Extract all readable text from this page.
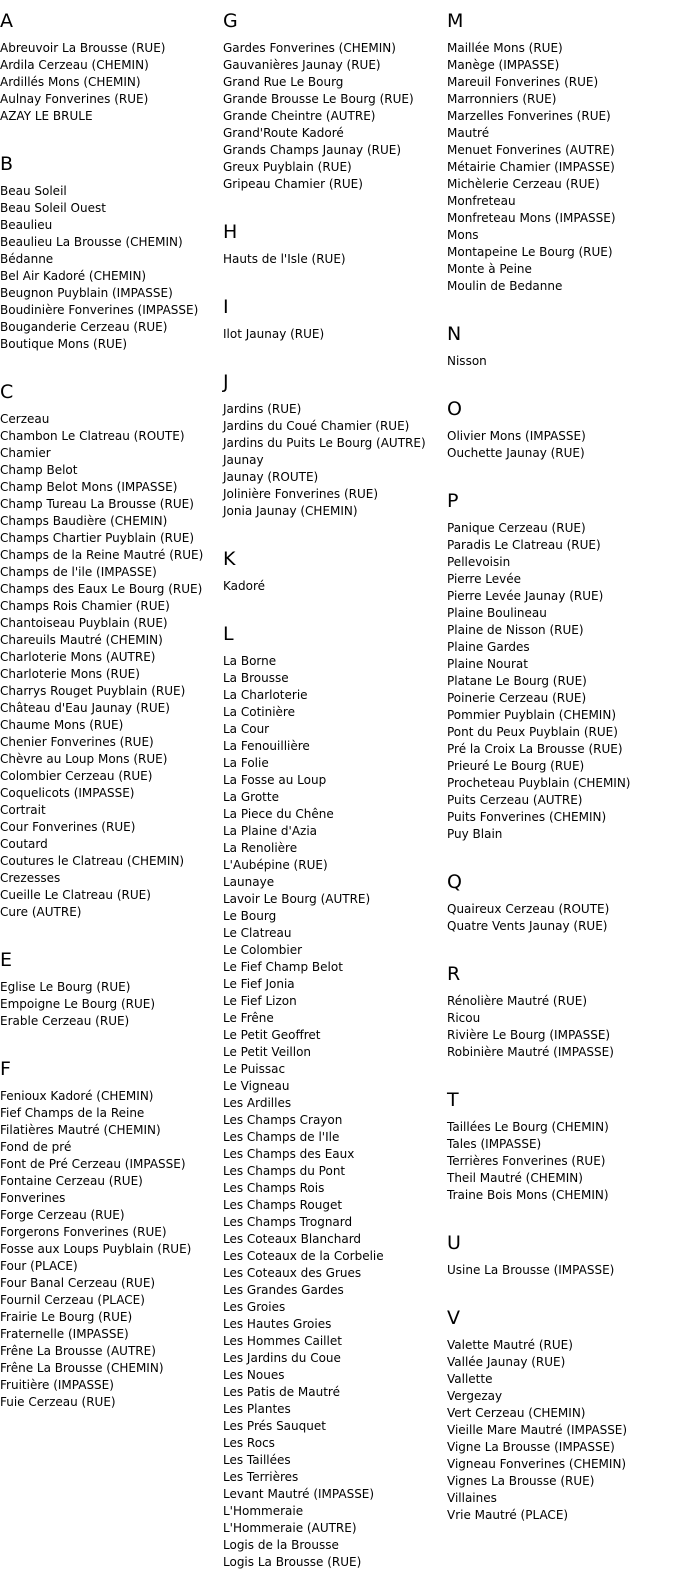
A
Abreuvoir La Brousse (RUE)
Ardila Cerzeau (CHEMIN)
Ardillés Mons (CHEMIN)
Aulnay Fonverines (RUE)
AZAY LE BRULE
B
Beau Soleil
Beau Soleil Ouest
Beaulieu
Beaulieu La Brousse (CHEMIN)
Bédanne
Bel Air Kadoré (CHEMIN)
Beugnon Puyblain (IMPASSE)
Boudinière Fonverines (IMPASSE)
Bouganderie Cerzeau (RUE)
Boutique Mons (RUE)
C
Cerzeau
Chambon Le Clatreau (ROUTE)
Chamier
Champ Belot
Champ Belot Mons (IMPASSE)
Champ Tureau La Brousse (RUE)
Champs Baudière (CHEMIN)
Champs Chartier Puyblain (RUE)
Champs de la Reine Mautré (RUE)
Champs de l'ile (IMPASSE)
Champs des Eaux Le Bourg (RUE)
Champs Rois Chamier (RUE)
Chantoiseau Puyblain (RUE)
Chareuils Mautré (CHEMIN)
Charloterie Mons (AUTRE)
Charloterie Mons (RUE)
Charrys Rouget Puyblain (RUE)
Château d'Eau Jaunay (RUE)
Chaume Mons (RUE)
Chenier Fonverines (RUE)
Chèvre au Loup Mons (RUE)
Colombier Cerzeau (RUE)
Coquelicots (IMPASSE)
Cortrait
Cour Fonverines (RUE)
Coutard
Coutures le Clatreau (CHEMIN)
Crezesses
Cueille Le Clatreau (RUE)
Cure (AUTRE)
E
Eglise Le Bourg (RUE)
Empoigne Le Bourg (RUE)
Erable Cerzeau (RUE)
F
Fenioux Kadoré (CHEMIN)
Fief Champs de la Reine
Filatières Mautré (CHEMIN)
Fond de pré
Font de Pré Cerzeau (IMPASSE)
Fontaine Cerzeau (RUE)
Fonverines
Forge Cerzeau (RUE)
Forgerons Fonverines (RUE)
Fosse aux Loups Puyblain (RUE)
Four (PLACE)
Four Banal Cerzeau (RUE)
Fournil Cerzeau (PLACE)
Frairie Le Bourg (RUE)
Fraternelle (IMPASSE)
Frêne La Brousse (AUTRE)
Frêne La Brousse (CHEMIN)
Fruitière (IMPASSE)
Fuie Cerzeau (RUE)
G
Gardes Fonverines (CHEMIN)
Gauvanières Jaunay (RUE)
Grand Rue Le Bourg
Grande Brousse Le Bourg (RUE)
Grande Cheintre (AUTRE)
Grand'Route Kadoré
Grands Champs Jaunay (RUE)
Greux Puyblain (RUE)
Gripeau Chamier (RUE)
H
Hauts de l'Isle (RUE)
I
Ilot Jaunay (RUE)
J
Jardins (RUE)
Jardins du Coué Chamier (RUE)
Jardins du Puits Le Bourg (AUTRE)
Jaunay
Jaunay (ROUTE)
Jolinière Fonverines (RUE)
Jonia Jaunay (CHEMIN)
K
Kadoré
L
La Borne
La Brousse
La Charloterie
La Cotinière
La Cour
La Fenouillière
La Folie
La Fosse au Loup
La Grotte
La Piece du Chêne
La Plaine d'Azia
La Renolière
L'Aubépine (RUE)
Launaye
Lavoir Le Bourg (AUTRE)
Le Bourg
Le Clatreau
Le Colombier
Le Fief Champ Belot
Le Fief Jonia
Le Fief Lizon
Le Frêne
Le Petit Geoffret
Le Petit Veillon
Le Puissac
Le Vigneau
Les Ardilles
Les Champs Crayon
Les Champs de l'Ile
Les Champs des Eaux
Les Champs du Pont
Les Champs Rois
Les Champs Rouget
Les Champs Trognard
Les Coteaux Blanchard
Les Coteaux de la Corbelie
Les Coteaux des Grues
Les Grandes Gardes
Les Groies
Les Hautes Groies
Les Hommes Caillet
Les Jardins du Coue
Les Noues
Les Patis de Mautré
Les Plantes
Les Prés Sauquet
Les Rocs
Les Taillées
Les Terrières
Levant Mautré (IMPASSE)
L'Hommeraie
L'Hommeraie (AUTRE)
Logis de la Brousse
Logis La Brousse (RUE)
M
Maillée Mons (RUE)
Manège (IMPASSE)
Mareuil Fonverines (RUE)
Marronniers (RUE)
Marzelles Fonverines (RUE)
Mautré
Menuet Fonverines (AUTRE)
Métairie Chamier (IMPASSE)
Michèlerie Cerzeau (RUE)
Monfreteau
Monfreteau Mons (IMPASSE)
Mons
Montapeine Le Bourg (RUE)
Monte à Peine
Moulin de Bedanne
N
Nisson
O
Olivier Mons (IMPASSE)
Ouchette Jaunay (RUE)
P
Panique Cerzeau (RUE)
Paradis Le Clatreau (RUE)
Pellevoisin
Pierre Levée
Pierre Levée Jaunay (RUE)
Plaine Boulineau
Plaine de Nisson (RUE)
Plaine Gardes
Plaine Nourat
Platane Le Bourg (RUE)
Poinerie Cerzeau (RUE)
Pommier Puyblain (CHEMIN)
Pont du Peux Puyblain (RUE)
Pré la Croix La Brousse (RUE)
Prieuré Le Bourg (RUE)
Procheteau Puyblain (CHEMIN)
Puits Cerzeau (AUTRE)
Puits Fonverines (CHEMIN)
Puy Blain
Q
Quaireux Cerzeau (ROUTE)
Quatre Vents Jaunay (RUE)
R
Rénolière Mautré (RUE)
Ricou
Rivière Le Bourg (IMPASSE)
Robinière Mautré (IMPASSE)
T
Taillées Le Bourg (CHEMIN)
Tales (IMPASSE)
Terrières Fonverines (RUE)
Theil Mautré (CHEMIN)
Traine Bois Mons (CHEMIN)
U
Usine La Brousse (IMPASSE)
V
Valette Mautré (RUE)
Vallée Jaunay (RUE)
Vallette
Vergezay
Vert Cerzeau (CHEMIN)
Vieille Mare Mautré (IMPASSE)
Vigne La Brousse (IMPASSE)
Vigneau Fonverines (CHEMIN)
Vignes La Brousse (RUE)
Villaines
Vrie Mautré (PLACE)
